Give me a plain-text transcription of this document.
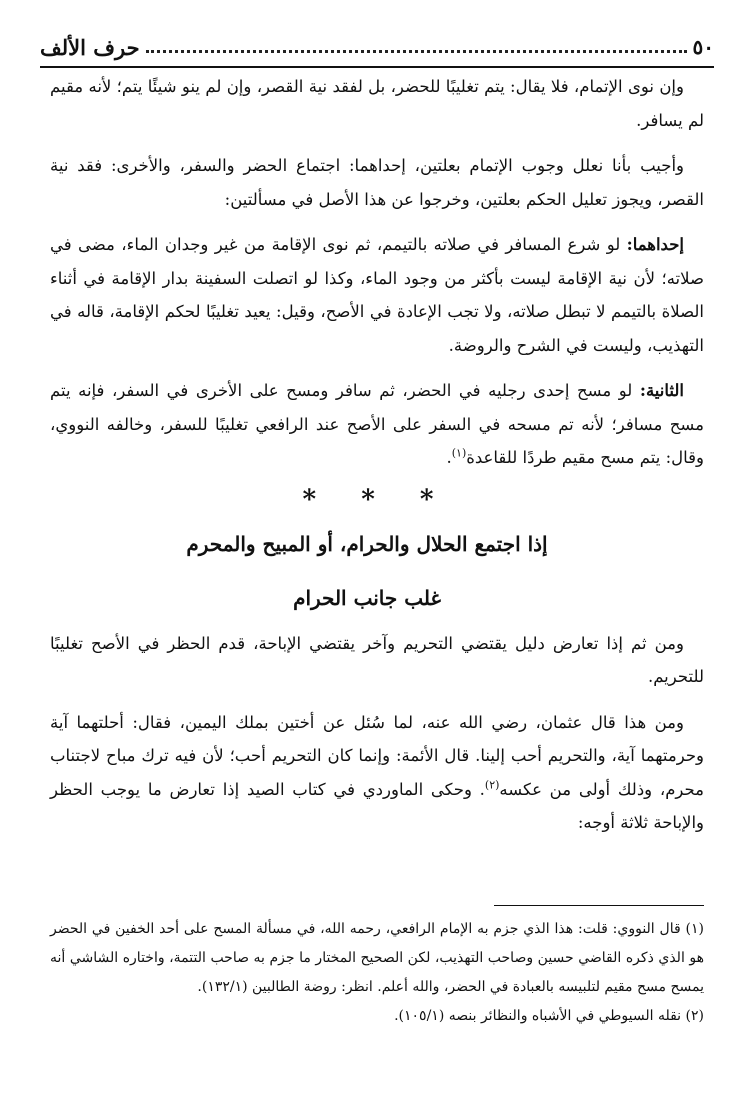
٥٠
حرف الألف

وإن نوى الإتمام، فلا يقال: يتم تغليبًا للحضر، بل لفقد نية القصر، وإن لم ينو شيئًا يتم؛ لأنه مقيم لم يسافر.

وأجيب بأنا نعلل وجوب الإتمام بعلتين، إحداهما: اجتماع الحضر والسفر، والأخرى: فقد نية القصر، ويجوز تعليل الحكم بعلتين، وخرجوا عن هذا الأصل في مسألتين:

إحداهما: لو شرع المسافر في صلاته بالتيمم، ثم نوى الإقامة من غير وجدان الماء، مضى في صلاته؛ لأن نية الإقامة ليست بأكثر من وجود الماء، وكذا لو اتصلت السفينة بدار الإقامة في أثناء الصلاة بالتيمم لا تبطل صلاته، ولا تجب الإعادة في الأصح، وقيل: يعيد تغليبًا لحكم الإقامة، قاله في التهذيب، وليست في الشرح والروضة.

الثانية: لو مسح إحدى رجليه في الحضر، ثم سافر ومسح على الأخرى في السفر، فإنه يتم مسح مسافر؛ لأنه تم مسحه في السفر على الأصح عند الرافعي تغليبًا للسفر، وخالفه النووي، وقال: يتم مسح مقيم طردًا للقاعدة$^{(١)}$.

* * *

إذا اجتمع الحلال والحرام، أو المبيح والمحرم

غلب جانب الحرام

ومن ثم إذا تعارض دليل يقتضي التحريم وآخر يقتضي الإباحة، قدم الحظر في الأصح تغليبًا للتحريم.

ومن هذا قال عثمان، رضي الله عنه، لما سُئل عن أختين بملك اليمين، فقال: أحلتهما آية وحرمتهما آية، والتحريم أحب إلينا. قال الأئمة: وإنما كان التحريم أحب؛ لأن فيه ترك مباح لاجتناب محرم، وذلك أولى من عكسه$^{(٢)}$. وحكى الماوردي في كتاب الصيد إذا تعارض ما يوجب الحظر والإباحة ثلاثة أوجه:

(١) قال النووي: قلت: هذا الذي جزم به الإمام الرافعي، رحمه الله، في مسألة المسح على أحد الخفين في الحضر هو الذي ذكره القاضي حسين وصاحب التهذيب، لكن الصحيح المختار ما جزم به صاحب التتمة، واختاره الشاشي أنه يمسح مسح مقيم لتلبيسه بالعبادة في الحضر، والله أعلم. انظر: روضة الطالبين (١٣٢/١).

(٢) نقله السيوطي في الأشباه والنظائر بنصه (١٠٥/١).
